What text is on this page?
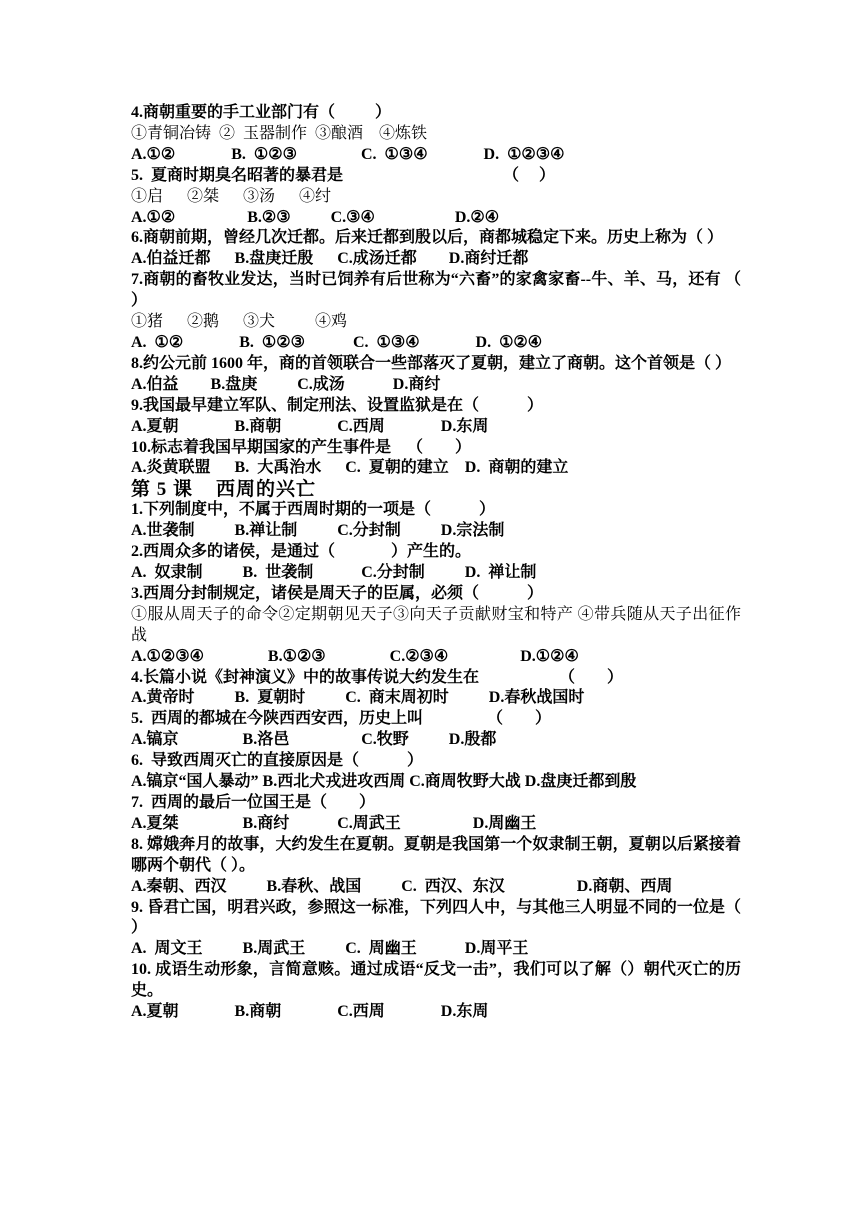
4.商朝重要的手工业部门有（          ）
①青铜冶铸  ②  玉器制作  ③酿酒    ④炼铁
A.①②              B.  ①②③                C.  ①③④              D.  ①②③④
5.  夏商时期臭名昭著的暴君是                                        （     ）
①启      ②桀      ③汤      ④纣
A.①②                  B.②③          C.③④                    D.②④
6.商朝前期，曾经几次迁都。后来迁都到殷以后，商都城稳定下来。历史上称为（ ）
A.伯益迁都      B.盘庚迁殷      C.成汤迁都        D.商纣迁都
7.商朝的畜牧业发达，当时已饲养有后世称为“六畜”的家禽家畜--牛、羊、马，还有 （ ）
①猪      ②鹅      ③犬          ④鸡
A.  ①②              B.  ①②③            C.  ①③④              D.  ①②④
8.约公元前 1600 年，商的首领联合一些部落灭了夏朝，建立了商朝。这个首领是（ ）
A.伯益        B.盘庚          C.成汤            D.商纣
9.我国最早建立军队、制定刑法、设置监狱是在（            ）
A.夏朝              B.商朝              C.西周              D.东周
10.标志着我国早期国家的产生事件是    （        ）
A.炎黄联盟      B.  大禹治水      C.  夏朝的建立    D.  商朝的建立
第 5 课    西周的兴亡
1.下列制度中，不属于西周时期的一项是（            ）
A.世袭制          B.禅让制          C.分封制          D.宗法制
2.西周众多的诸侯，是通过（              ）产生的。
A.  奴隶制          B.  世袭制            C.分封制          D.  禅让制
3.西周分封制规定，诸侯是周天子的臣属，必须（            ）
①服从周天子的命令②定期朝见天子③向天子贡献财宝和特产 ④带兵随从天子出征作战
A.①②③④                B.①②③                C.②③④                  D.①②④
4.长篇小说《封神演义》中的故事传说大约发生在                    （        ）
A.黄帝时          B.  夏朝时          C.  商末周初时          D.春秋战国时
5.  西周的都城在今陕西西安西，历史上叫                （        ）
A.镐京                B.洛邑                  C.牧野          D.殷都
6.  导致西周灭亡的直接原因是（            ）
A.镐京“国人暴动” B.西北犬戎进攻西周 C.商周牧野大战 D.盘庚迁都到殷
7.  西周的最后一位国王是（        ）
A.夏桀                B.商纣            C.周武王                  D.周幽王
8. 嫦娥奔月的故事，大约发生在夏朝。夏朝是我国第一个奴隶制王朝，夏朝以后紧接着哪两个朝代（ ）。
A.秦朝、西汉          B.春秋、战国          C.  西汉、东汉                  D.商朝、西周
9. 昏君亡国，明君兴政，参照这一标准，下列四人中，与其他三人明显不同的一位是（ ）
A.  周文王          B.周武王          C.  周幽王            D.周平王
10. 成语生动形象，言简意赅。通过成语“反戈一击”，我们可以了解（）朝代灭亡的历史。
A.夏朝              B.商朝              C.西周              D.东周
